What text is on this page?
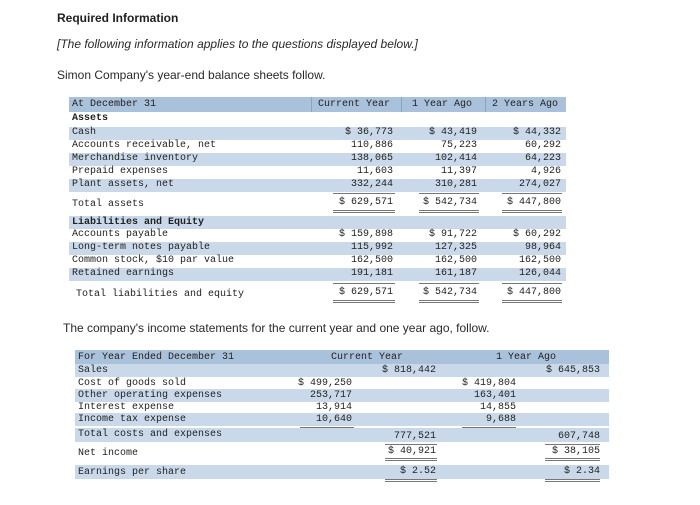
Required Information
[The following information applies to the questions displayed below.]
Simon Company's year-end balance sheets follow.
At December 31	Current Year 1 Year Ago 2 Years Ago
Assets
Cash	$ 36,773	$ 43,419	$ 44,332
Accounts receivable, net	110,886	75,223	60,292
Merchandise inventory	138,065	102,414	64,223
Prepaid expenses	11,603	11,397	4,926
Plant assets, net	332,244	310,281	274,027
Total assets	$ 629,571	$ 542,734	$ 447,800
Liabilities and Equity
Accounts payable	$ 159,898	$ 91,722	$ 60,292
Long-term notes payable	115,992	127,325	98,964
Common stock, $10 par value	162,500	162,500	162,500
Retained earnings	191,181	161,187	126,044
Total liabilities and equity	$ 629,571	$ 542,734	$ 447,800
The company's income statements for the current year and one year ago, follow.
For Year Ended December 31	Current Year	1 Year Ago
Sales	$ 818,442	$ 645,853
Cost of goods sold	$ 499,250	$ 419,804
Other operating expenses	253,717	163,401
Interest expense	13,914	14,855
Income tax expense	10,640	9,688
Total costs and expenses	777,521	607,748
Net income	$ 40,921	$ 38,105
Earnings per share	$ 2.52	$ 2.34
